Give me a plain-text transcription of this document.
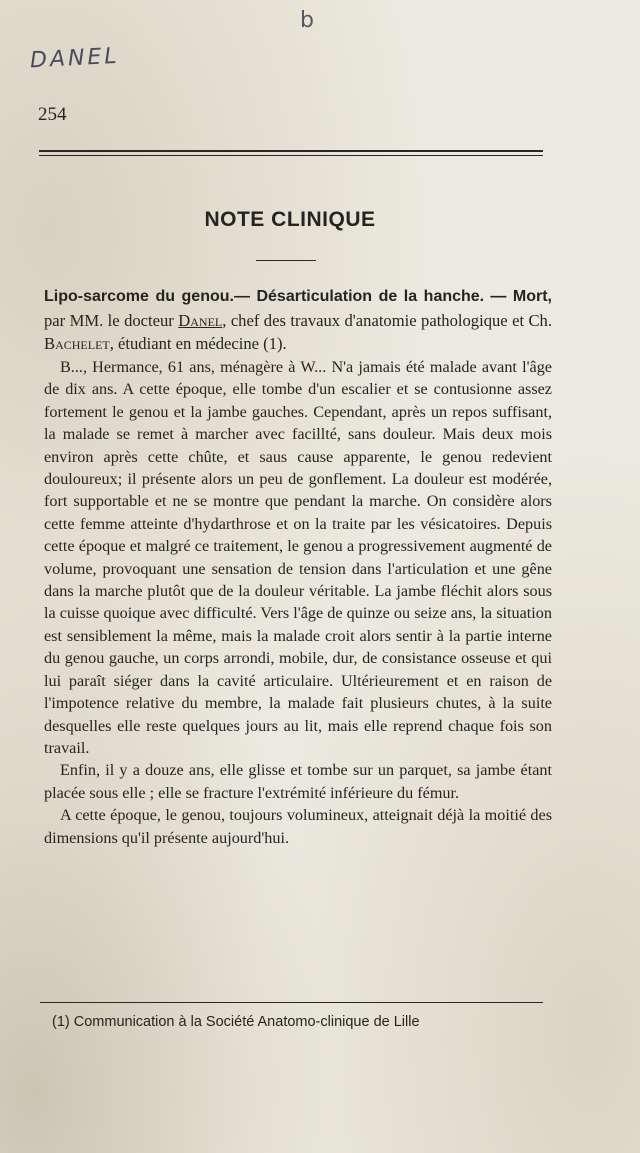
b
DANEL
254
NOTE CLINIQUE

Lipo-sarcome du genou.— Désarticulation de la hanche. — Mort, par MM. le docteur Danel, chef des travaux d'anatomie pathologique et Ch. Bachelet, étudiant en médecine (1).

B..., Hermance, 61 ans, ménagère à W... N'a jamais été malade avant l'âge de dix ans. A cette époque, elle tombe d'un escalier et se contusionne assez fortement le genou et la jambe gauches. Cependant, après un repos suffisant, la malade se remet à marcher avec facillté, sans douleur. Mais deux mois environ après cette chûte, et saus cause apparente, le genou redevient douloureux; il présente alors un peu de gonflement. La douleur est modérée, fort supportable et ne se montre que pendant la marche. On considère alors cette femme atteinte d'hydarthrose et on la traite par les vésicatoires. Depuis cette époque et malgré ce traitement, le genou a progressivement augmenté de volume, provoquant une sensation de tension dans l'articulation et une gêne dans la marche plutôt que de la douleur véritable. La jambe fléchit alors sous la cuisse quoique avec difficulté. Vers l'âge de quinze ou seize ans, la situation est sensiblement la même, mais la malade croit alors sentir à la partie interne du genou gauche, un corps arrondi, mobile, dur, de consistance osseuse et qui lui paraît siéger dans la cavité articulaire. Ultérieurement et en raison de l'impotence relative du membre, la malade fait plusieurs chutes, à la suite desquelles elle reste quelques jours au lit, mais elle reprend chaque fois son travail.

Enfin, il y a douze ans, elle glisse et tombe sur un parquet, sa jambe étant placée sous elle ; elle se fracture l'extrémité inférieure du fémur.

A cette époque, le genou, toujours volumineux, atteignait déjà la moitié des dimensions qu'il présente aujourd'hui.

(1) Communication à la Société Anatomo-clinique de Lille
